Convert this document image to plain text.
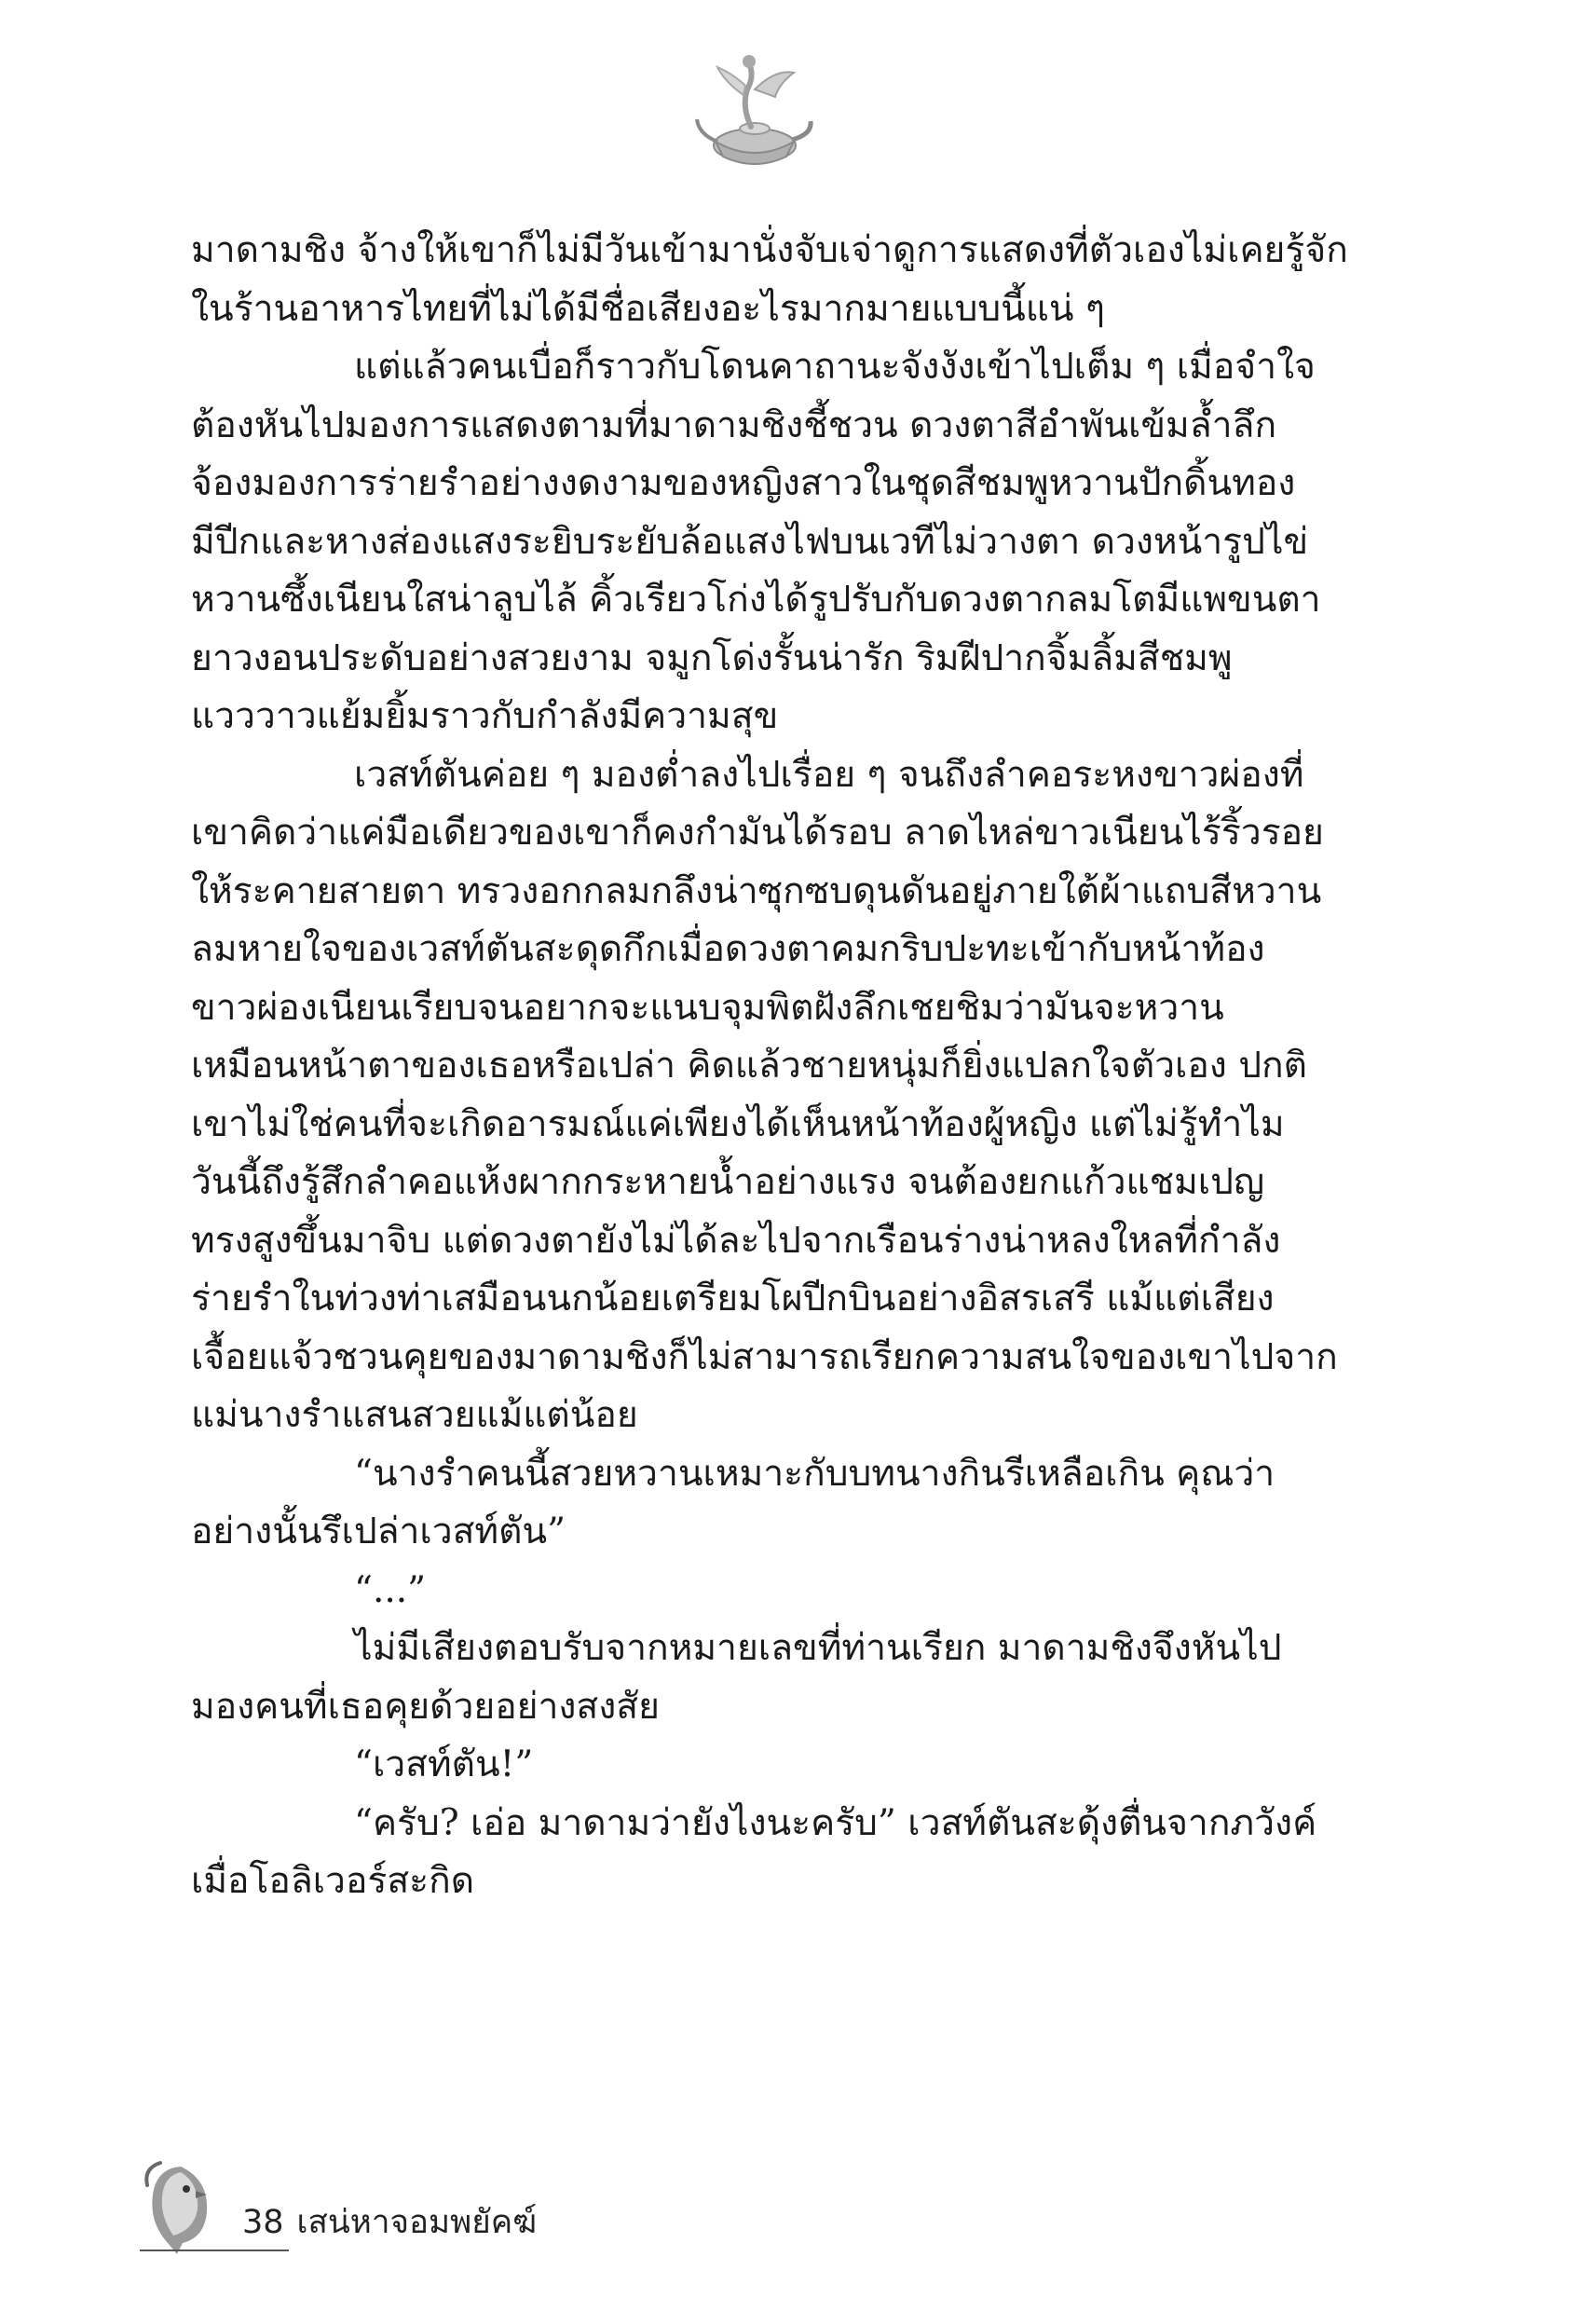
มาดามชิง จ้างให้เขาก็ไม่มีวันเข้ามานั่งจับเจ่าดูการแสดงที่ตัวเองไม่เคยรู้จัก
ในร้านอาหารไทยที่ไม่ได้มีชื่อเสียงอะไรมากมายแบบนี้แน่ ๆ
แต่แล้วคนเบื่อก็ราวกับโดนคาถานะจังงังเข้าไปเต็ม ๆ เมื่อจำใจ
ต้องหันไปมองการแสดงตามที่มาดามชิงชี้ชวน ดวงตาสีอำพันเข้มล้ำลึก
จ้องมองการร่ายรำอย่างงดงามของหญิงสาวในชุดสีชมพูหวานปักดิ้นทอง
มีปีกและหางส่องแสงระยิบระยับล้อแสงไฟบนเวทีไม่วางตา ดวงหน้ารูปไข่
หวานซึ้งเนียนใสน่าลูบไล้ คิ้วเรียวโก่งได้รูปรับกับดวงตากลมโตมีแพขนตา
ยาวงอนประดับอย่างสวยงาม จมูกโด่งรั้นน่ารัก ริมฝีปากจิ้มลิ้มสีชมพู
แวววาวแย้มยิ้มราวกับกำลังมีความสุข
เวสท์ตันค่อย ๆ มองต่ำลงไปเรื่อย ๆ จนถึงลำคอระหงขาวผ่องที่
เขาคิดว่าแค่มือเดียวของเขาก็คงกำมันได้รอบ ลาดไหล่ขาวเนียนไร้ริ้วรอย
ให้ระคายสายตา ทรวงอกกลมกลึงน่าซุกซบดุนดันอยู่ภายใต้ผ้าแถบสีหวาน
ลมหายใจของเวสท์ตันสะดุดกึกเมื่อดวงตาคมกริบปะทะเข้ากับหน้าท้อง
ขาวผ่องเนียนเรียบจนอยากจะแนบจุมพิตฝังลึกเชยชิมว่ามันจะหวาน
เหมือนหน้าตาของเธอหรือเปล่า คิดแล้วชายหนุ่มก็ยิ่งแปลกใจตัวเอง ปกติ
เขาไม่ใช่คนที่จะเกิดอารมณ์แค่เพียงได้เห็นหน้าท้องผู้หญิง แต่ไม่รู้ทำไม
วันนี้ถึงรู้สึกลำคอแห้งผากกระหายน้ำอย่างแรง จนต้องยกแก้วแชมเปญ
ทรงสูงขึ้นมาจิบ แต่ดวงตายังไม่ได้ละไปจากเรือนร่างน่าหลงใหลที่กำลัง
ร่ายรำในท่วงท่าเสมือนนกน้อยเตรียมโผปีกบินอย่างอิสรเสรี แม้แต่เสียง
เจื้อยแจ้วชวนคุยของมาดามชิงก็ไม่สามารถเรียกความสนใจของเขาไปจาก
แม่นางรำแสนสวยแม้แต่น้อย
“นางรำคนนี้สวยหวานเหมาะกับบทนางกินรีเหลือเกิน คุณว่า
อย่างนั้นรึเปล่าเวสท์ตัน”
“...”
ไม่มีเสียงตอบรับจากหมายเลขที่ท่านเรียก มาดามชิงจึงหันไป
มองคนที่เธอคุยด้วยอย่างสงสัย
“เวสท์ตัน!”
“ครับ? เอ่อ มาดามว่ายังไงนะครับ” เวสท์ตันสะดุ้งตื่นจากภวังค์
เมื่อโอลิเวอร์สะกิด
38 เสน่หาจอมพยัคฆ์
